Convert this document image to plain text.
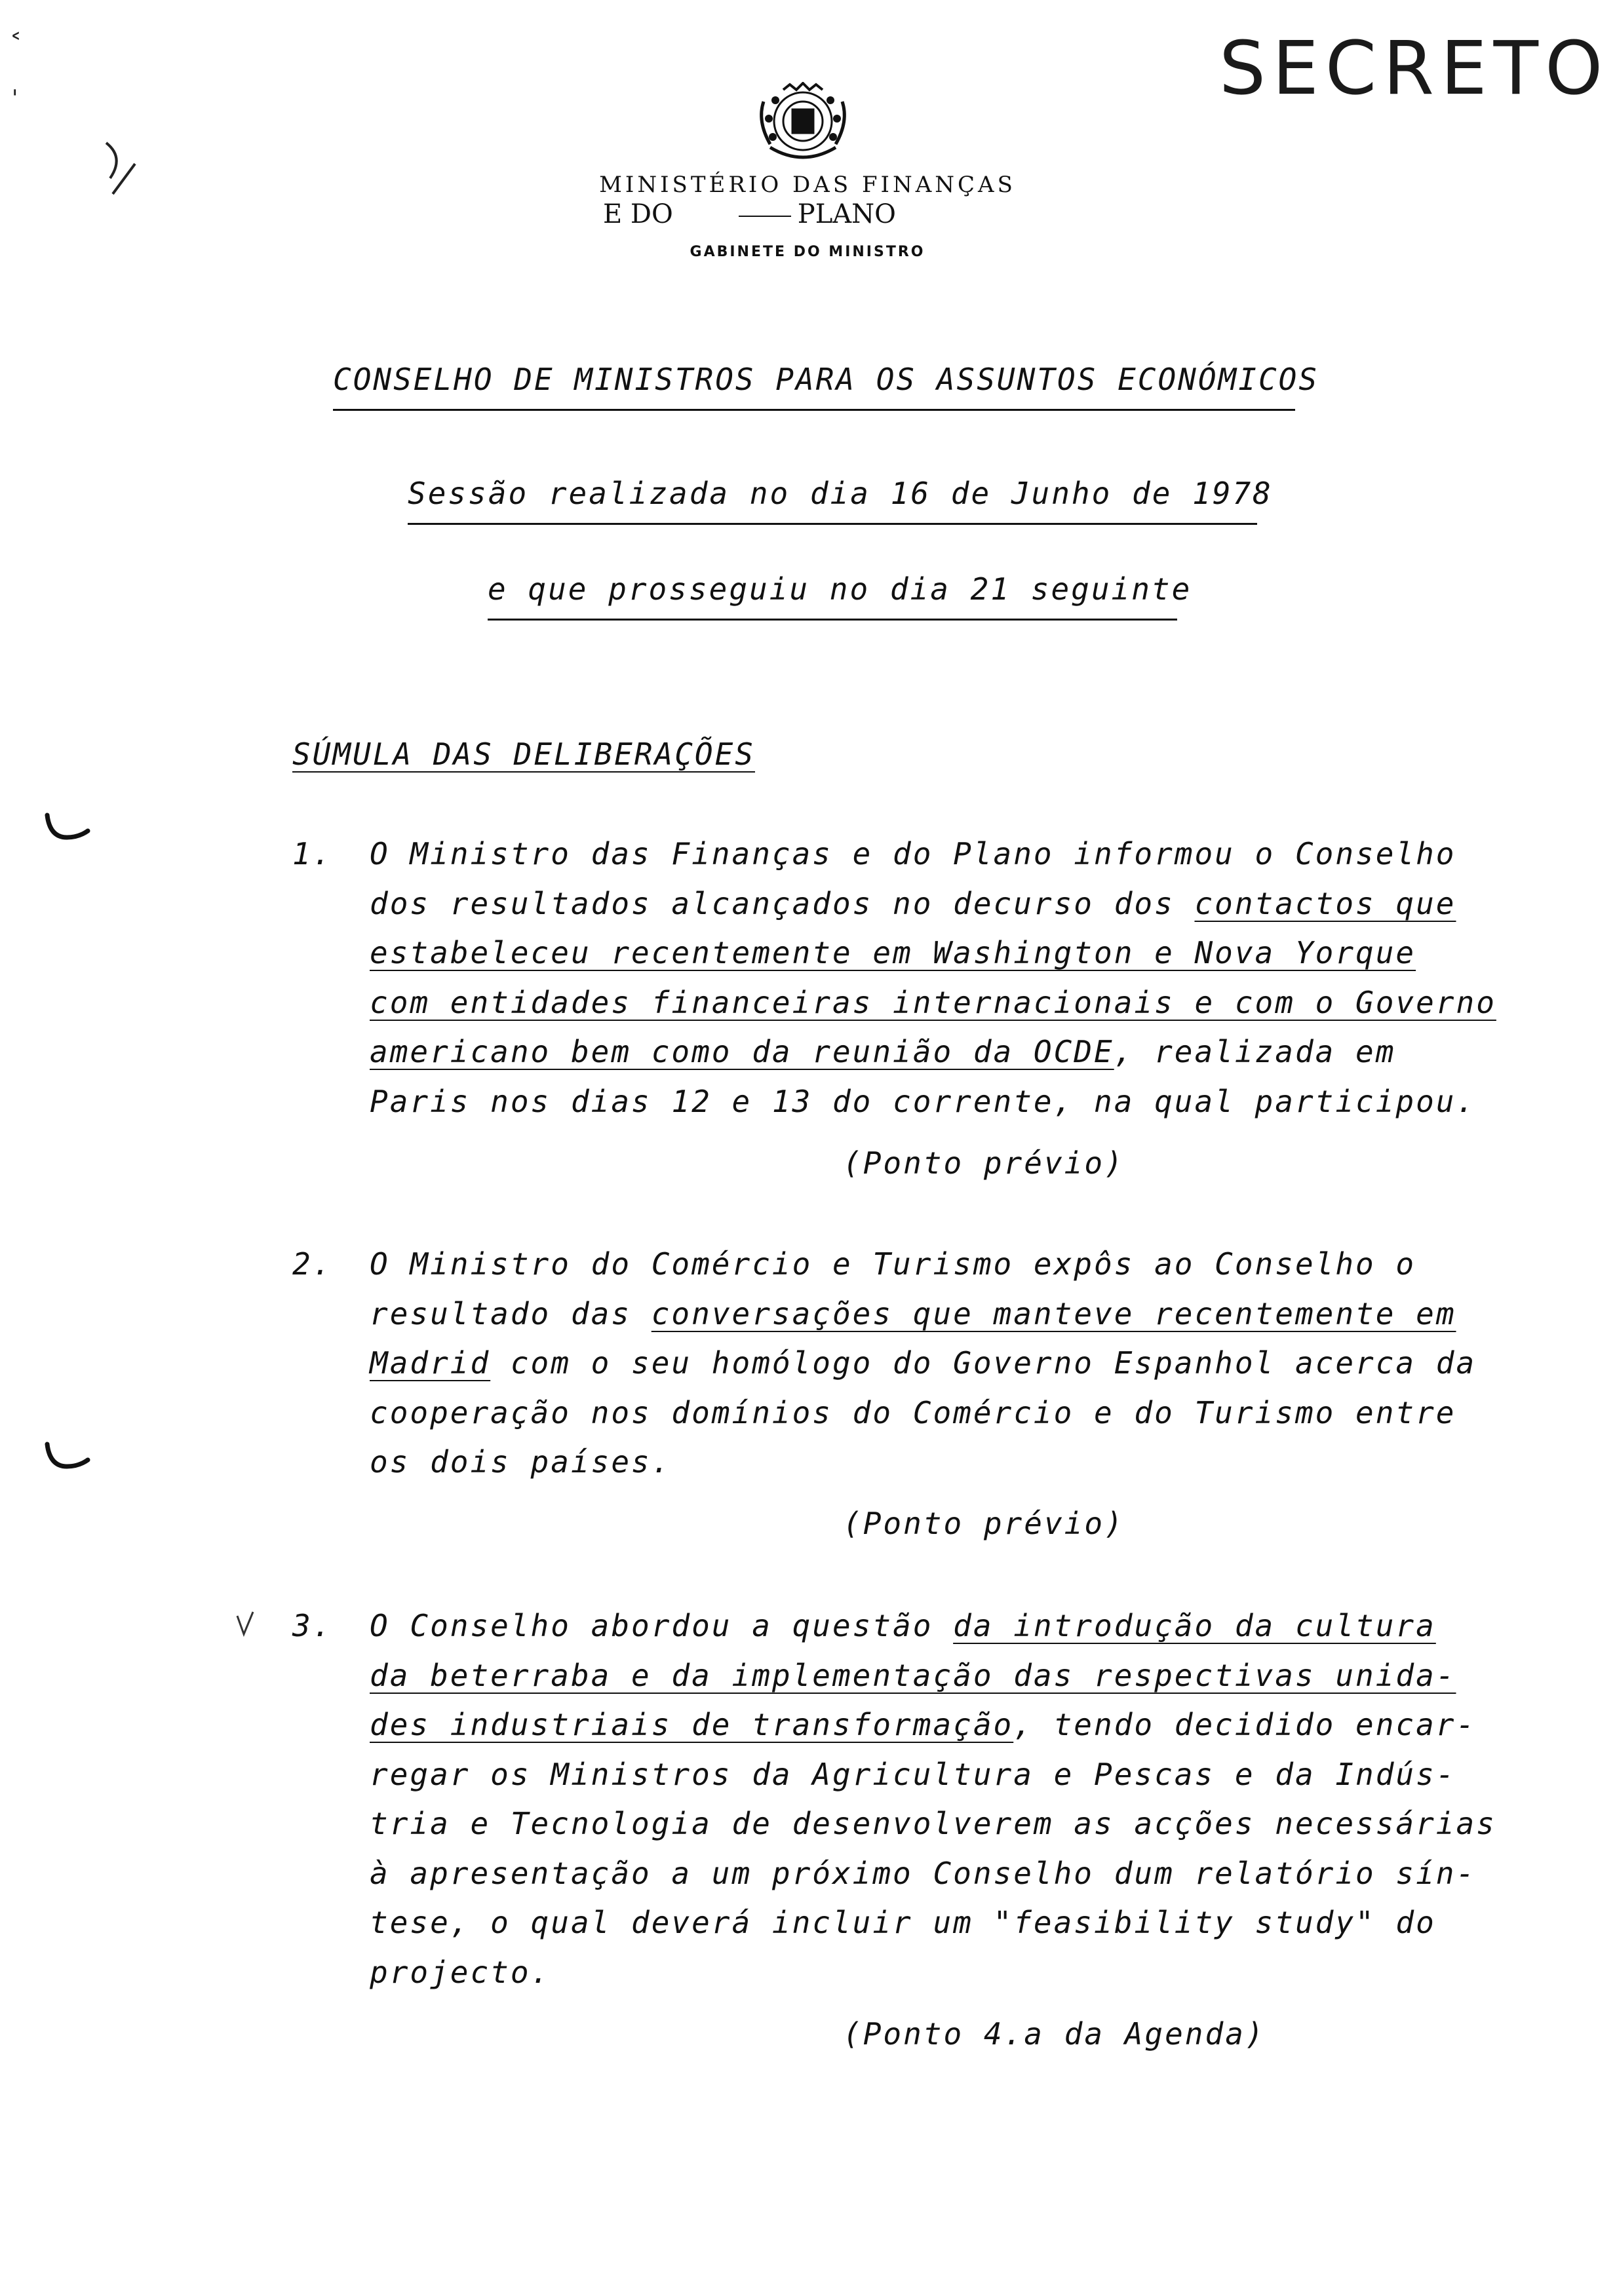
SECRETO
˂
'
MINISTÉRIO DAS FINANÇAS
E DO	PLANO
GABINETE DO MINISTRO
CONSELHO DE MINISTROS PARA OS ASSUNTOS ECONÓMICOS
Sessão realizada no dia 16 de Junho de 1978
e que prosseguiu no dia 21 seguinte
SÚMULA DAS DELIBERAÇÕES
1. O Ministro das Finanças e do Plano informou o Conselho
dos resultados alcançados no decurso dos contactos que
estabeleceu recentemente em Washington e Nova Yorque
com entidades financeiras internacionais e com o Governo
americano bem como da reunião da OCDE, realizada em
Paris nos dias 12 e 13 do corrente, na qual participou.
(Ponto prévio)
2. O Ministro do Comércio e Turismo expôs ao Conselho o
resultado das conversações que manteve recentemente em
Madrid com o seu homólogo do Governo Espanhol acerca da
cooperação nos domínios do Comércio e do Turismo entre
os dois países.
(Ponto prévio)
3. O Conselho abordou a questão da introdução da cultura
da beterraba e da implementação das respectivas unida-
des industriais de transformação, tendo decidido encar-
regar os Ministros da Agricultura e Pescas e da Indús-
tria e Tecnologia de desenvolverem as acções necessárias
à apresentação a um próximo Conselho dum relatório sín-
tese, o qual deverá incluir um "feasibility study" do
projecto.
(Ponto 4.a da Agenda)
